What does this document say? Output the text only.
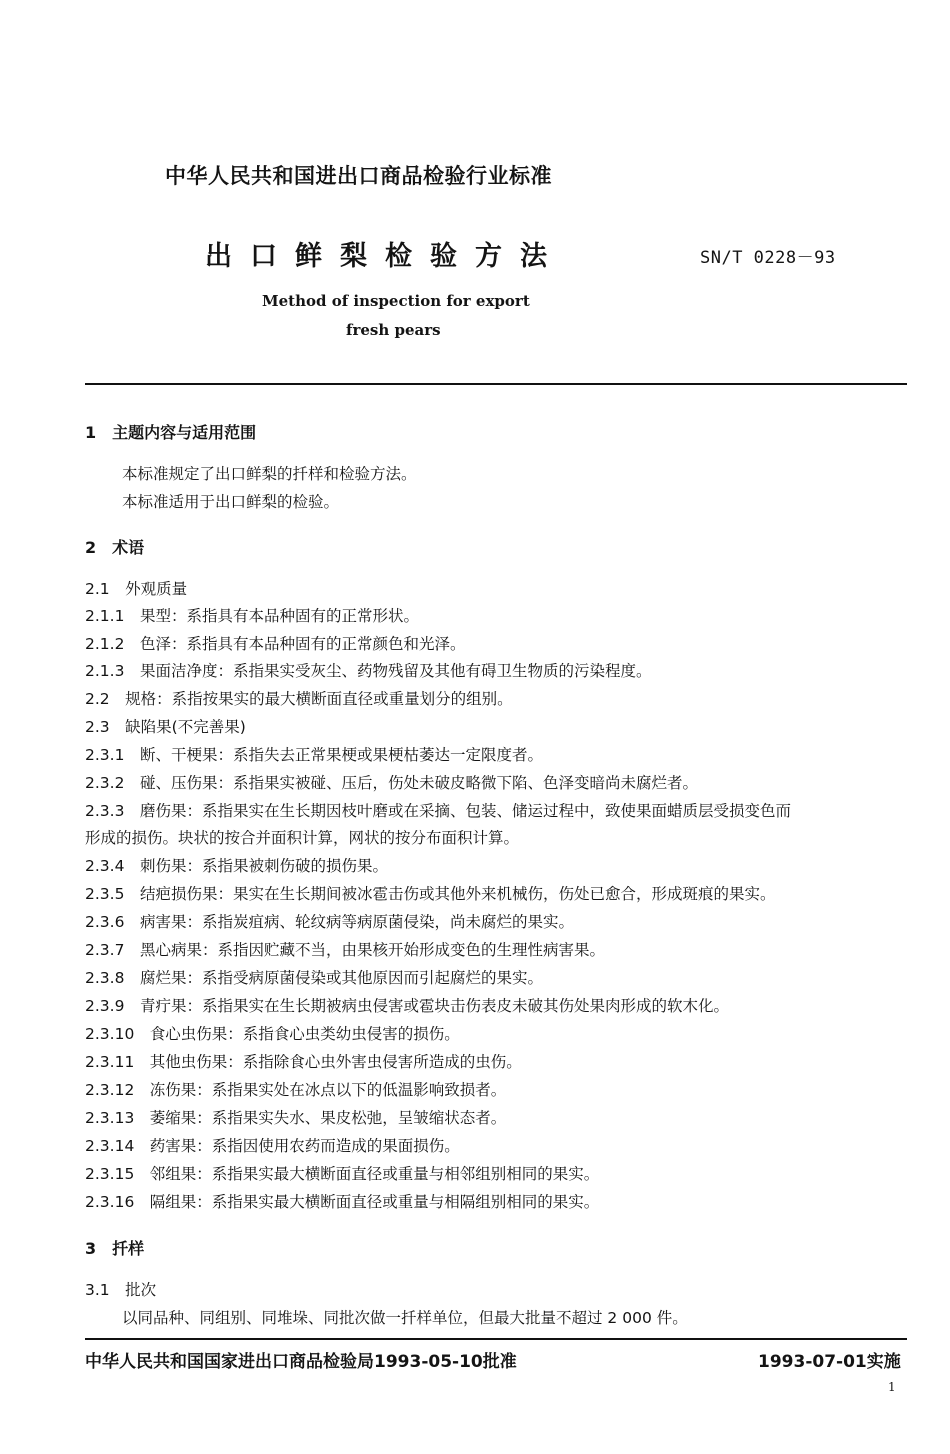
中华人民共和国进出口商品检验行业标准
出口鲜梨检验方法	SN/T 0228－93
Method of inspection for export
fresh pears
1　主题内容与适用范围
本标准规定了出口鲜梨的扦样和检验方法。
本标准适用于出口鲜梨的检验。
2　术语
2.1　外观质量
2.1.1　果型：系指具有本品种固有的正常形状。
2.1.2　色泽：系指具有本品种固有的正常颜色和光泽。
2.1.3　果面洁净度：系指果实受灰尘、药物残留及其他有碍卫生物质的污染程度。
2.2　规格：系指按果实的最大横断面直径或重量划分的组别。
2.3　缺陷果(不完善果)
2.3.1　断、干梗果：系指失去正常果梗或果梗枯萎达一定限度者。
2.3.2　碰、压伤果：系指果实被碰、压后，伤处未破皮略微下陷、色泽变暗尚未腐烂者。
2.3.3　磨伤果：系指果实在生长期因枝叶磨或在采摘、包装、储运过程中，致使果面蜡质层受损变色而
形成的损伤。块状的按合并面积计算，网状的按分布面积计算。
2.3.4　刺伤果：系指果被刺伤破的损伤果。
2.3.5　结疤损伤果：果实在生长期间被冰雹击伤或其他外来机械伤，伤处已愈合，形成斑痕的果实。
2.3.6　病害果：系指炭疽病、轮纹病等病原菌侵染，尚未腐烂的果实。
2.3.7　黑心病果：系指因贮藏不当，由果核开始形成变色的生理性病害果。
2.3.8　腐烂果：系指受病原菌侵染或其他原因而引起腐烂的果实。
2.3.9　青疔果：系指果实在生长期被病虫侵害或雹块击伤表皮未破其伤处果肉形成的软木化。
2.3.10　食心虫伤果：系指食心虫类幼虫侵害的损伤。
2.3.11　其他虫伤果：系指除食心虫外害虫侵害所造成的虫伤。
2.3.12　冻伤果：系指果实处在冰点以下的低温影响致损者。
2.3.13　萎缩果：系指果实失水、果皮松弛，呈皱缩状态者。
2.3.14　药害果：系指因使用农药而造成的果面损伤。
2.3.15　邻组果：系指果实最大横断面直径或重量与相邻组别相同的果实。
2.3.16　隔组果：系指果实最大横断面直径或重量与相隔组别相同的果实。
3　扦样
3.1　批次
以同品种、同组别、同堆垛、同批次做一扦样单位，但最大批量不超过 2 000 件。
中华人民共和国国家进出口商品检验局1993-05-10批准	1993-07-01实施
1
